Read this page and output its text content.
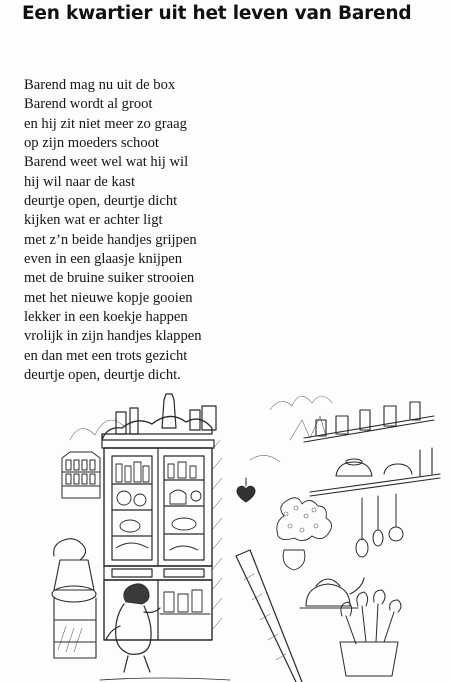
Een kwartier uit het leven van Barend
Barend mag nu uit de box
Barend wordt al groot
en hij zit niet meer zo graag
op zijn moeders schoot
Barend weet wel wat hij wil
hij wil naar de kast
deurtje open, deurtje dicht
kijken wat er achter ligt
met z’n beide handjes grijpen
even in een glaasje knijpen
met de bruine suiker strooien
met het nieuwe kopje gooien
lekker in een koekje happen
vrolijk in zijn handjes klappen
en dan met een trots gezicht
deurtje open, deurtje dicht.
